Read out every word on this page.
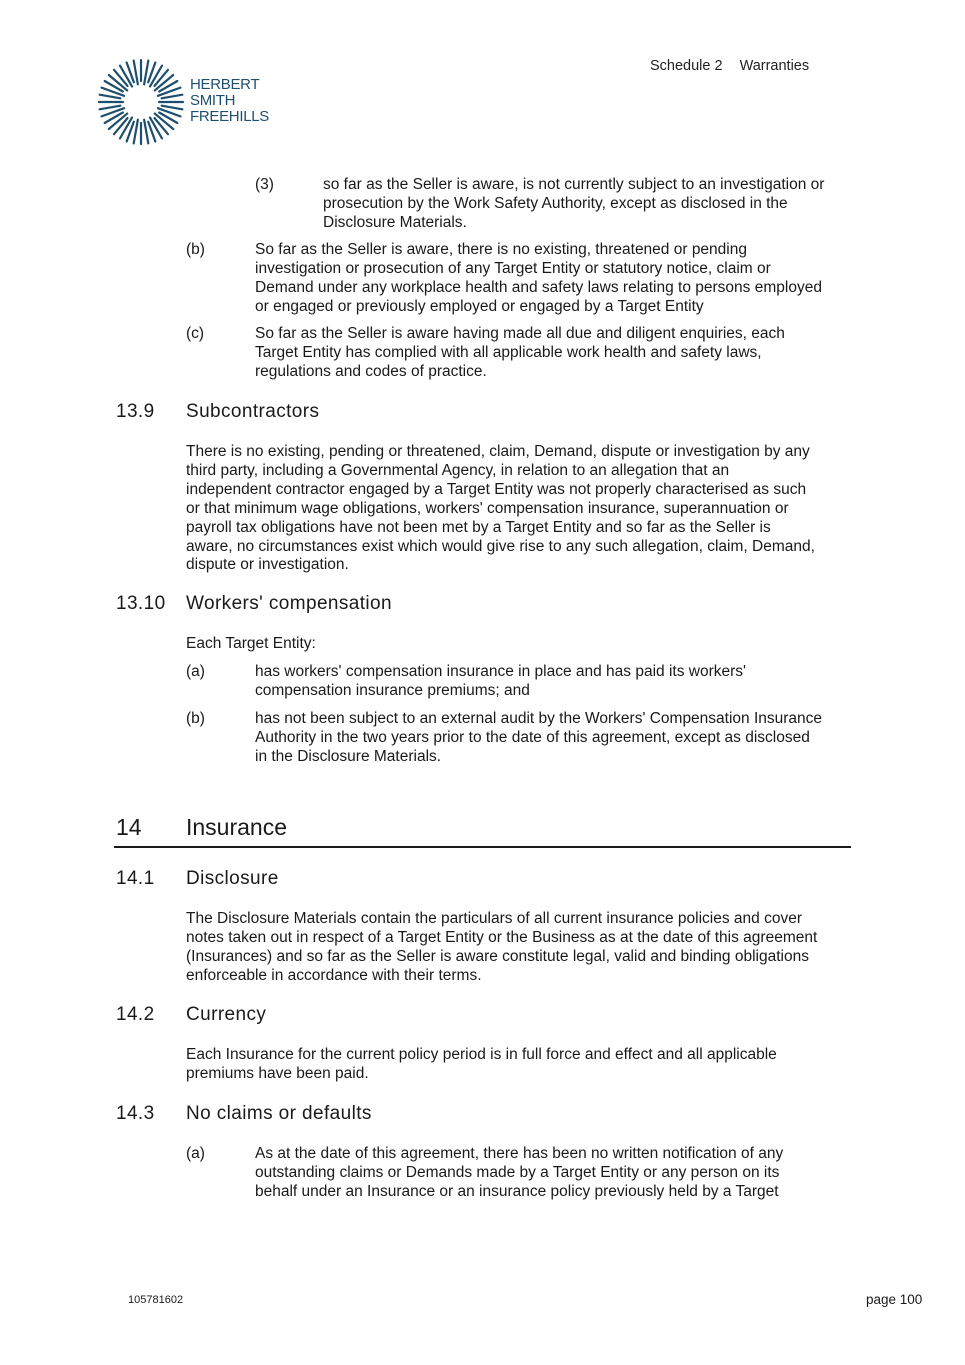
HERBERT
SMITH
FREEHILLS
Schedule 2 Warranties
(3)	so far as the Seller is aware, is not currently subject to an investigation or
prosecution by the Work Safety Authority, except as disclosed in the
Disclosure Materials.
(b)	So far as the Seller is aware, there is no existing, threatened or pending
investigation or prosecution of any Target Entity or statutory notice, claim or
Demand under any workplace health and safety laws relating to persons employed
or engaged or previously employed or engaged by a Target Entity
(c)	So far as the Seller is aware having made all due and diligent enquiries, each
Target Entity has complied with all applicable work health and safety laws,
regulations and codes of practice.
13.9 Subcontractors
There is no existing, pending or threatened, claim, Demand, dispute or investigation by any
third party, including a Governmental Agency, in relation to an allegation that an
independent contractor engaged by a Target Entity was not properly characterised as such
or that minimum wage obligations, workers' compensation insurance, superannuation or
payroll tax obligations have not been met by a Target Entity and so far as the Seller is
aware, no circumstances exist which would give rise to any such allegation, claim, Demand,
dispute or investigation.
13.10 Workers' compensation
Each Target Entity:
(a)	has workers' compensation insurance in place and has paid its workers'
compensation insurance premiums; and
(b)	has not been subject to an external audit by the Workers' Compensation Insurance
Authority in the two years prior to the date of this agreement, except as disclosed
in the Disclosure Materials.
14 Insurance
14.1 Disclosure
The Disclosure Materials contain the particulars of all current insurance policies and cover
notes taken out in respect of a Target Entity or the Business as at the date of this agreement
(Insurances) and so far as the Seller is aware constitute legal, valid and binding obligations
enforceable in accordance with their terms.
14.2 Currency
Each Insurance for the current policy period is in full force and effect and all applicable
premiums have been paid.
14.3 No claims or defaults
(a)	As at the date of this agreement, there has been no written notification of any
outstanding claims or Demands made by a Target Entity or any person on its
behalf under an Insurance or an insurance policy previously held by a Target
105781602	page 100
